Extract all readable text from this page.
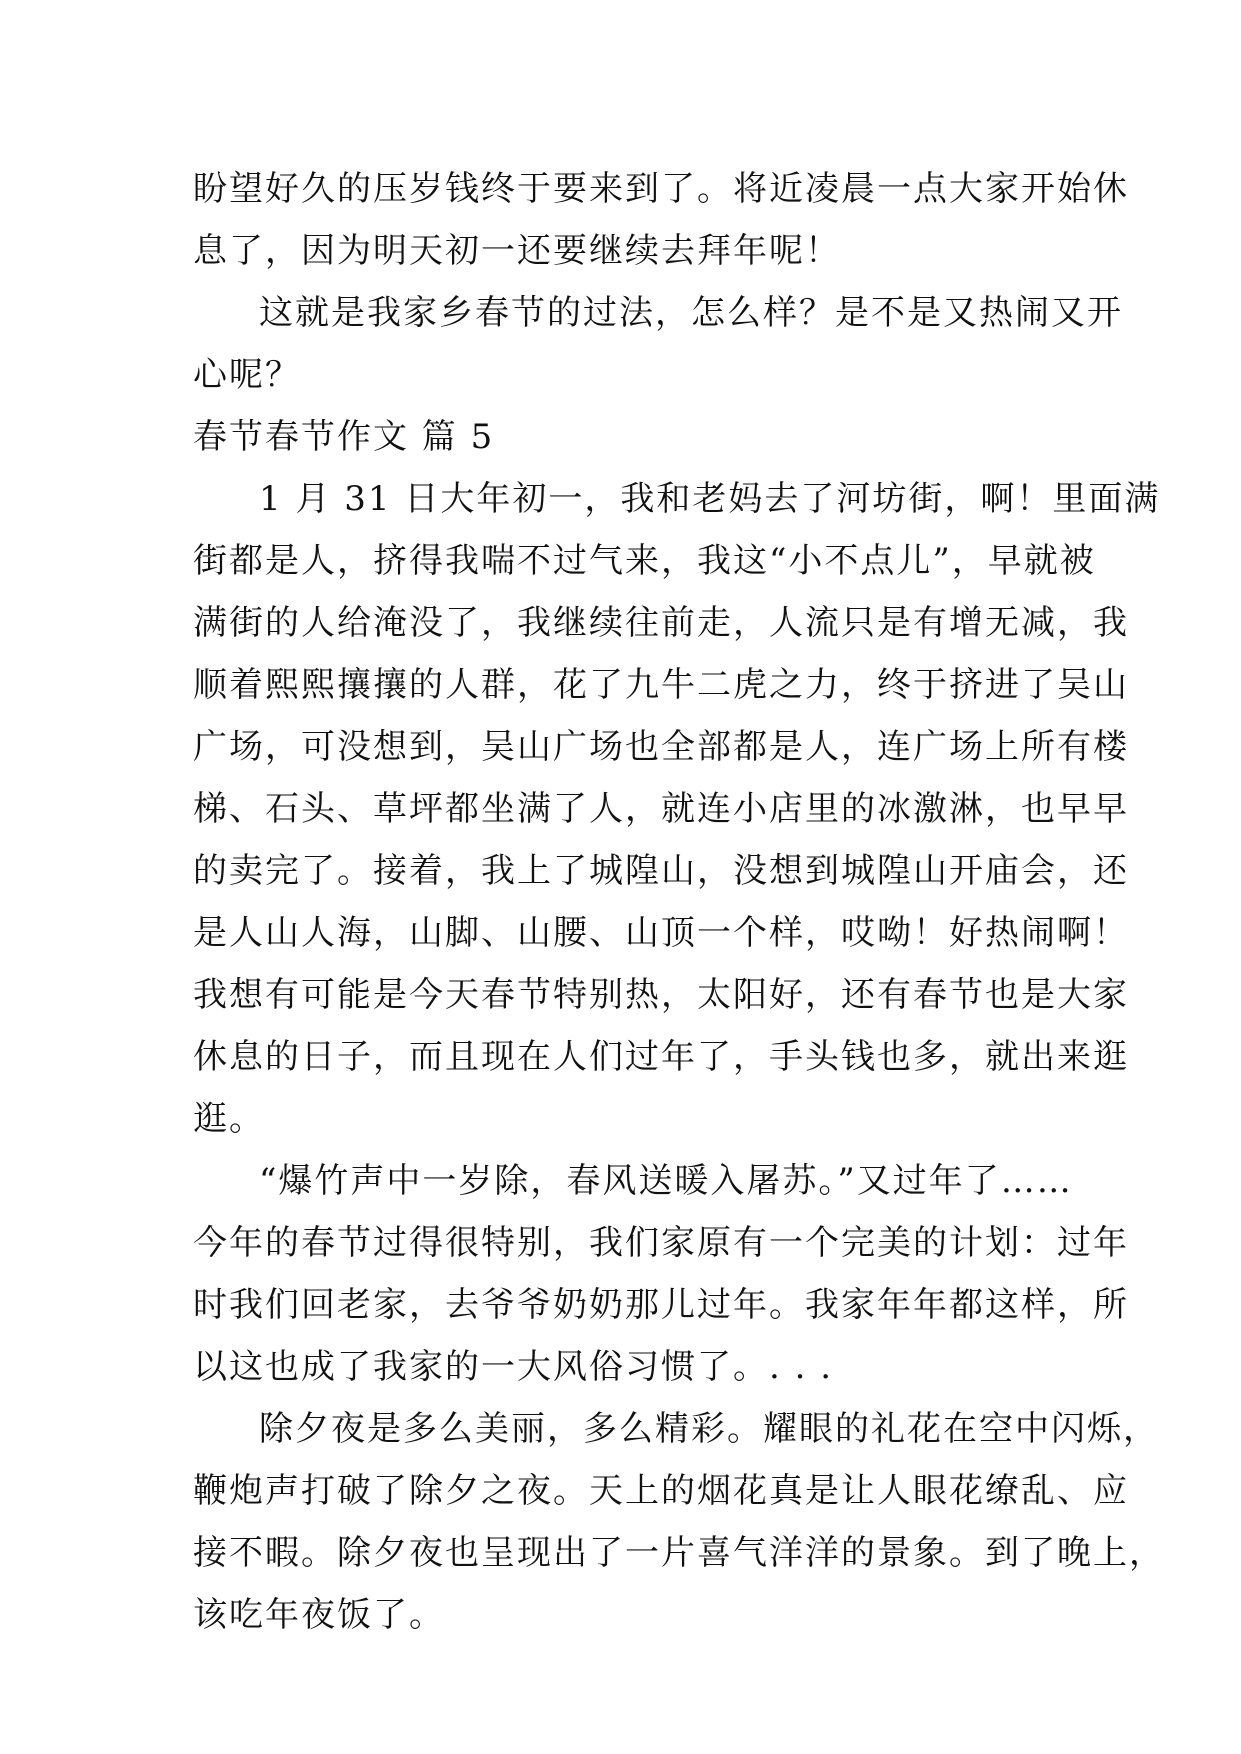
盼望好久的压岁钱终于要来到了。将近凌晨一点大家开始休
息了，因为明天初一还要继续去拜年呢！
这就是我家乡春节的过法，怎么样？是不是又热闹又开
心呢？
春节春节作文 篇 5
1 月 31 日大年初一，我和老妈去了河坊街，啊！里面满
街都是人，挤得我喘不过气来，我这“小不点儿”，早就被
满街的人给淹没了，我继续往前走，人流只是有增无减，我
顺着熙熙攘攘的人群，花了九牛二虎之力，终于挤进了吴山
广场，可没想到，吴山广场也全部都是人，连广场上所有楼
梯、石头、草坪都坐满了人，就连小店里的冰激淋，也早早
的卖完了。接着，我上了城隍山，没想到城隍山开庙会，还
是人山人海，山脚、山腰、山顶一个样，哎呦！好热闹啊！
我想有可能是今天春节特别热，太阳好，还有春节也是大家
休息的日子，而且现在人们过年了，手头钱也多，就出来逛
逛。
“爆竹声中一岁除，春风送暖入屠苏。”又过年了……
今年的春节过得很特别，我们家原有一个完美的计划：过年
时我们回老家，去爷爷奶奶那儿过年。我家年年都这样，所
以这也成了我家的一大风俗习惯了。. . .
除夕夜是多么美丽，多么精彩。耀眼的礼花在空中闪烁，
鞭炮声打破了除夕之夜。天上的烟花真是让人眼花缭乱、应
接不暇。除夕夜也呈现出了一片喜气洋洋的景象。到了晚上，
该吃年夜饭了。
